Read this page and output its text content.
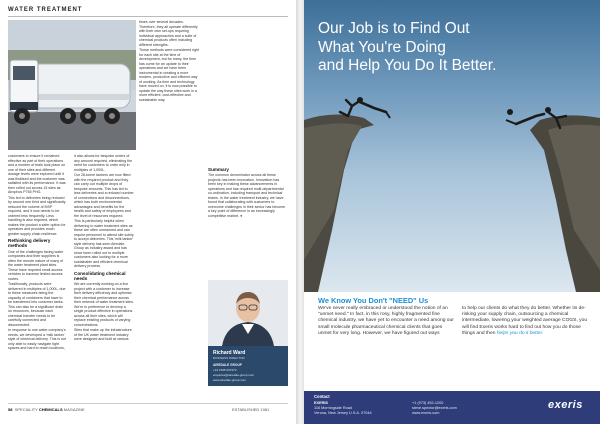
WATER TREATMENT

customers to ensure it remained effective as part of their operations and a number of trials took place on one of their sites and different dosage levels were explored until it was finalised and the customer was satisfied with its performance. It was then rolled out across 15 sites as Airophos P765 PHG.

This led to deliveries being reduced by around one third and significantly reduced the volume of MSP required, and it now needs to be ordered less frequently. Less handling is also required, which makes the product a safer option for operators and provides much greater supply chain resilience.

Rethinking delivery methods

One of the challenges facing water companies and their suppliers is often the remote nature of many of the water treatment plant sites. These have required small access vehicles to traverse limited access routes.

Traditionally, products were delivered in multiples of 1,000L, due to these measures being the capacity of containers that have to be transferred into customer tanks. This can also be a significant drain on resources, because each chemical transfer needs to be carefully connected and disconnected.

In response to one water company's needs, we developed a 'milk tanker' style of chemical delivery. This is not only able to easily navigate tight spaces and hard to reach locations,

it also allows for bespoke orders of any amount required, eliminating the need for customers to order only in multiples of 1,000L.

Our 26-tonne tankers are now fitted with the required product and they can carry out multiple drops of bespoke amounts. This has led to less deliveries and a reduced number of connections and disconnections, which has both environmental advantages and benefits for the health and safety of employees and the level of resources required.

This is particularly helpful when delivering to water treatment sites as these are often unmanned and can require personnel to attend site solely to accept deliveries. This 'milk tanker' style delivery has seen Airedale Group as industry award and has since been rolled out to multiple customers also looking for a more sustainable and efficient chemical delivery process.

Consolidating chemical needs

We are currently working on a live project with a customer to increase their delivery efficiency and optimise their chemical performance across their network of water treatment sites. We're in preference to develop a single product effective in operations across all their sites, which will replace existing products of varying concentrations.

Sites that make up the infrastructure of the UK water treatment industry were designed and built at various

times over several decades. Therefore, they all operate differently with their own set-ups requiring individual approaches and a suite of chemical products often including different strengths.

These methods were considered right for each site at the time of development, but for many, the time has come for an update to their operations and we have been instrumental in creating a more modern, productive and efficient way of working. As time and technology have moved on, it is now possible to update the way these sites work in a more efficient, cost-effective and sustainable way.

Summary

The common denominator across all these projects has been innovation. Innovation has been key in making these advancements in operations and has required multi-departmental co-ordination, including transport and technical teams. In the water treatment industry, we have found that collaborating with customers to overcome challenges in their sector has become a key point of difference in an increasingly competitive market. ●

Richard Ward
BUSINESS DIRECTOR
AIREDALE GROUP
+44 1535 637473
enquiries@airedale-group.com
www.airedale-group.com
58 SPECIALITY CHEMICALS MAGAZINE	ESTABLISHED 1981
Our Job is to Find Out
What You're Doing
and Help You Do It Better.
We Know You Don't "NEED" Us
We've never really embraced or understood the notion of an "unmet need." In fact, in this rosy, highly fragmented fine chemical industry, we have yet to encounter a need among our small molecule pharmaceutical chemical clients that goes unmet for very long. However, we have figured out ways
to help our clients do what they do better. Whether its de-risking your supply chain, outsourcing a chemical intermediate, lowering your weighted average COGS, you will find Exeris works hard to find out how you do those things and then helps you do it better.
Contact
EXERIS
116 Morningside Road
Verona, New Jersey U.S.A. 07044
+1 (973) 452-1200
steve.spector@exeris.com
www.exeris.com
exeris
